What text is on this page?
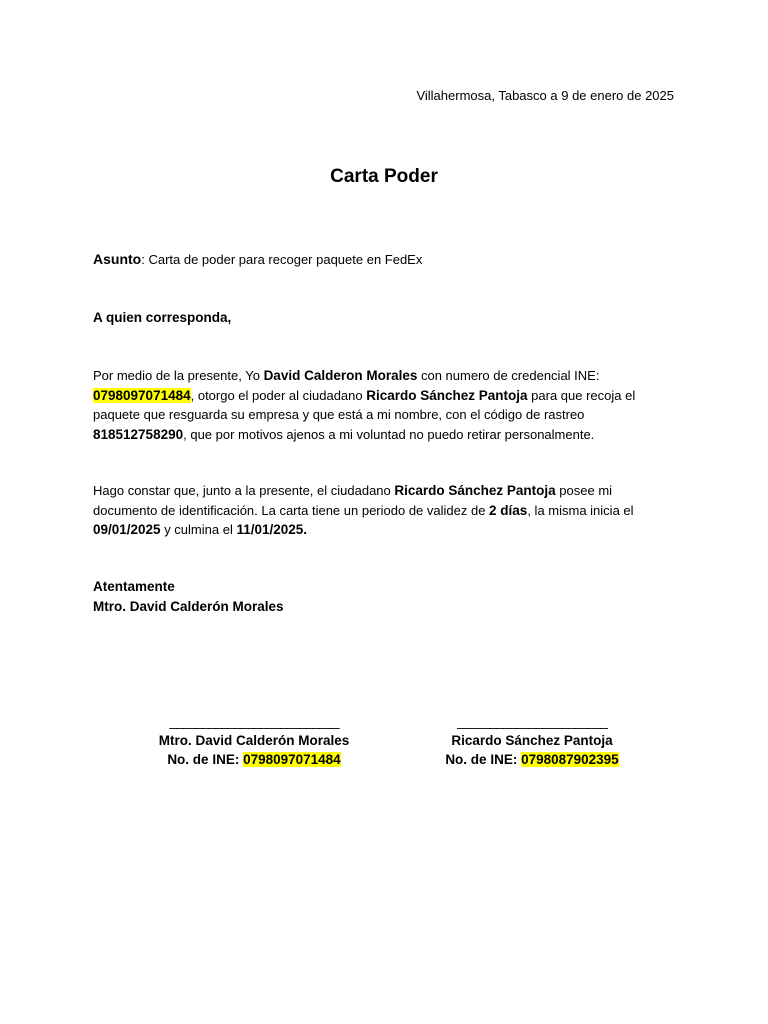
Villahermosa, Tabasco a 9 de enero de 2025
Carta Poder
Asunto: Carta de poder para recoger paquete en FedEx
A quien corresponda,
Por medio de la presente, Yo David Calderon Morales con numero de credencial INE: 0798097071484, otorgo el poder al ciudadano Ricardo Sánchez Pantoja para que recoja el paquete que resguarda su empresa y que está a mi nombre, con el código de rastreo 818512758290, que por motivos ajenos a mi voluntad no puedo retirar personalmente.
Hago constar que, junto a la presente, el ciudadano Ricardo Sánchez Pantoja posee mi documento de identificación. La carta tiene un periodo de validez de 2 días, la misma inicia el 09/01/2025 y culmina el 11/01/2025.
Atentamente
Mtro. David Calderón Morales
__________________________
Mtro. David Calderón Morales
No. de INE: 0798097071484
_______________________
Ricardo Sánchez Pantoja
No. de INE: 0798087902395
